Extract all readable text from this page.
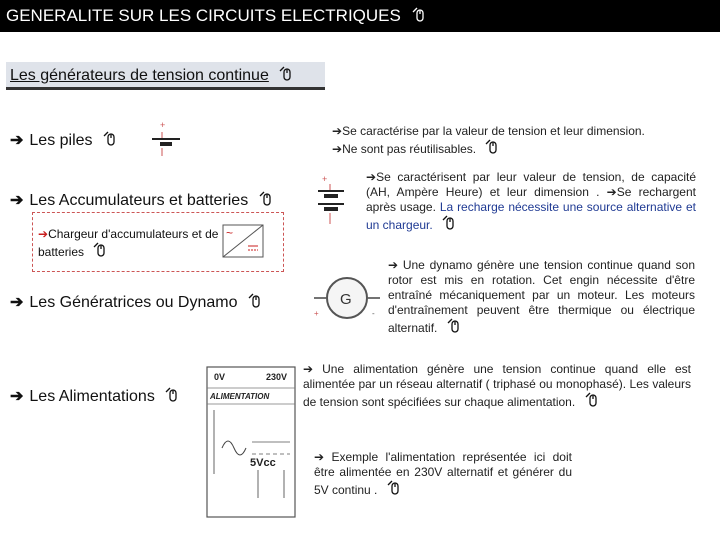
GENERALITE SUR LES CIRCUITS ELECTRIQUES
Les générateurs de tension continue
➔ Les piles
+	➔Se caractérise par la valeur de tension et leur dimension.
➔Ne sont pas réutilisables.
➔ Les Accumulateurs et batteries
+	➔Se caractérisent par leur valeur de tension, de capacité (AH, Ampère Heure) et leur dimension . ➔Se rechargent après usage. La recharge nécessite une source alternative et un chargeur.
➔Chargeur d'accumulateurs et de batteries
~
➔ Les Génératrices ou Dynamo	G
+	-
➔ Une dynamo génère une tension continue quand son rotor est mis en rotation. Cet engin nécessite d'être entraîné mécaniquement par un moteur. Les moteurs d'entraînement peuvent être thermique ou électrique alternatif.
➔ Les Alimentations
0V	230V
ALIMENTATION
5Vcc
➔ Une alimentation génère une tension continue quand elle est alimentée par un réseau alternatif ( triphasé ou monophasé). Les valeurs de tension sont spécifiées sur chaque alimentation.
➔ Exemple l'alimentation représentée ici doit être alimentée en 230V alternatif et générer du 5V continu .
